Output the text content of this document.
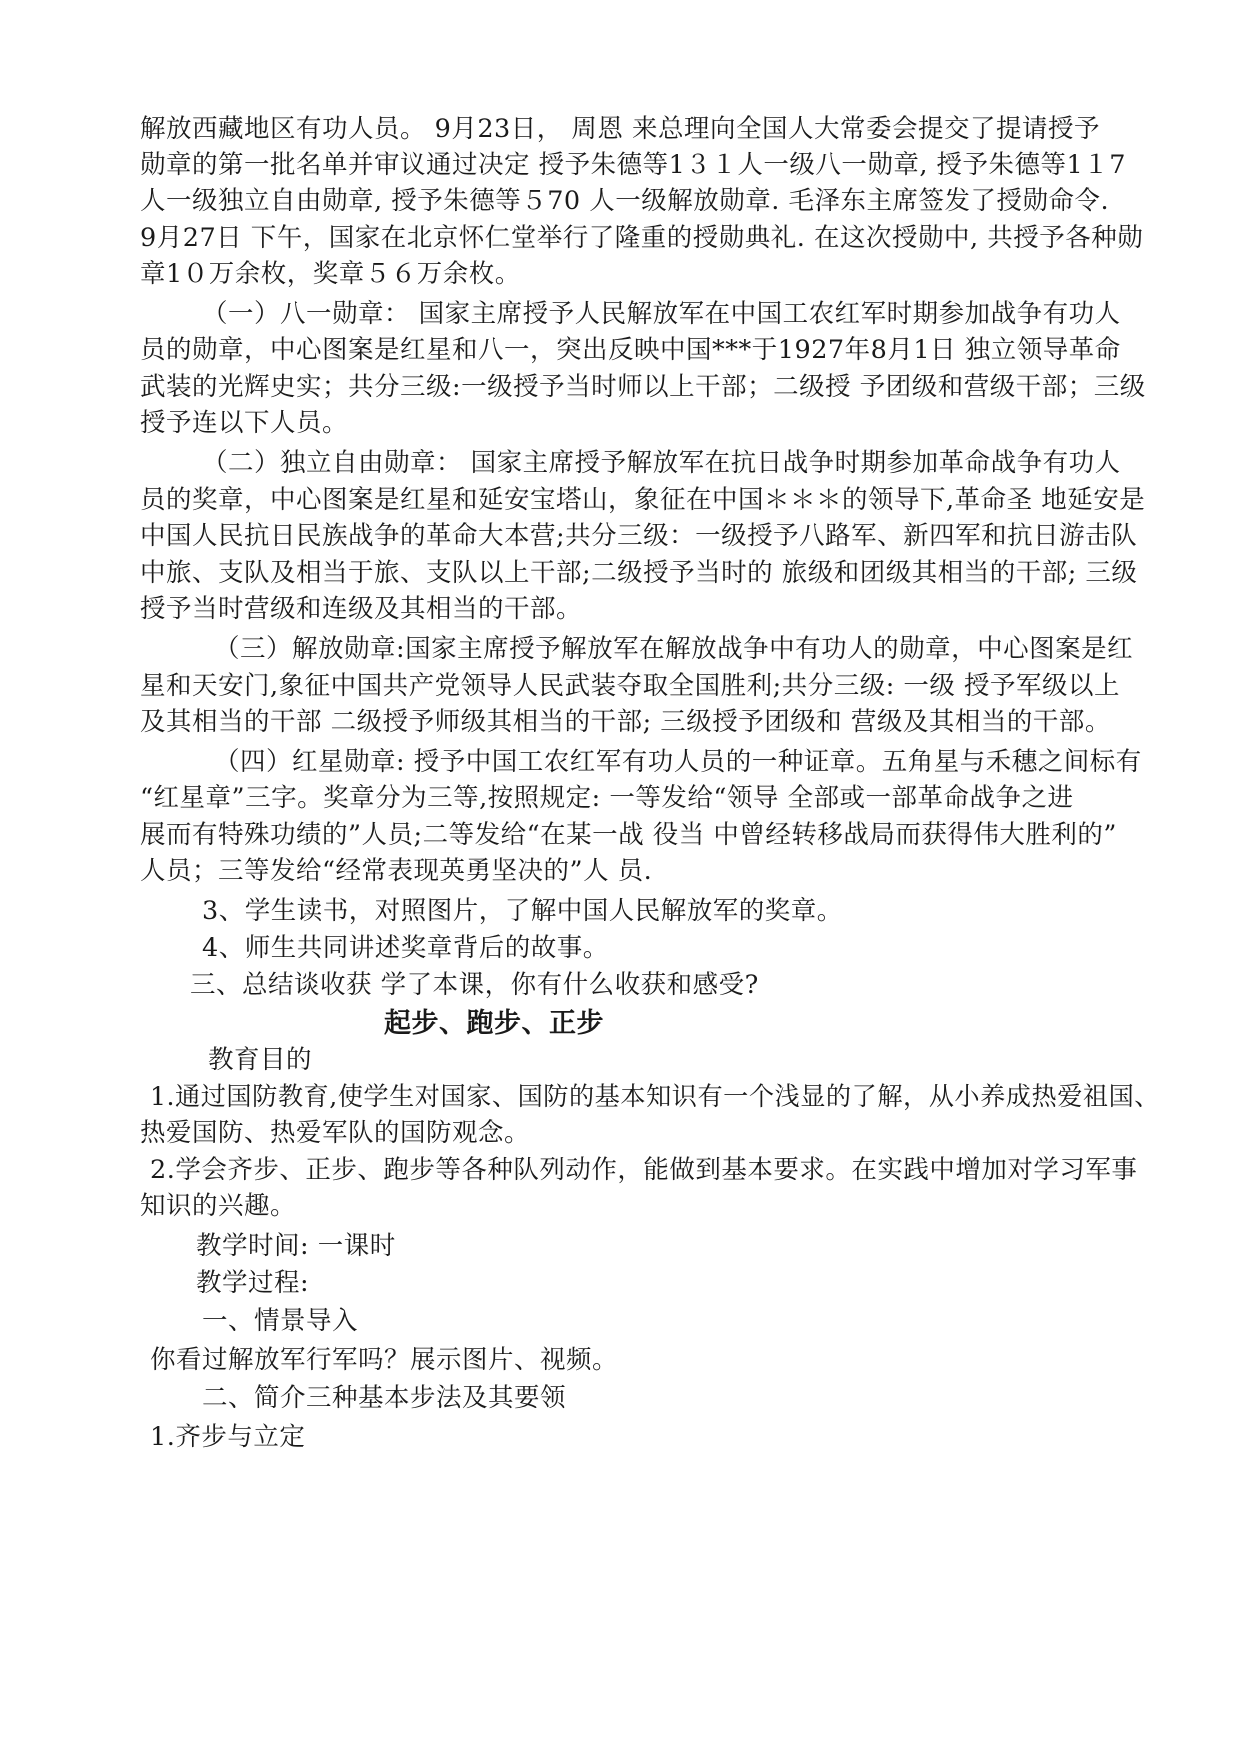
解放西藏地区有功人员。 9月23日， 周恩 来总理向全国人大常委会提交了提请授予
勋章的第一批名单并审议通过决定 授予朱德等1３１人一级八一勋章, 授予朱德等1１7
人一级独立自由勋章, 授予朱德等５70 人一级解放勋章. 毛泽东主席签发了授勋命令.
9月27日 下午，国家在北京怀仁堂举行了隆重的授勋典礼. 在这次授勋中, 共授予各种勋
章1０万余枚，奖章５６万余枚。
（一）八一勋章： 国家主席授予人民解放军在中国工农红军时期参加战争有功人
员的勋章，中心图案是红星和八一，突出反映中国***于1927年8月1日 独立领导革命
武装的光辉史实；共分三级:一级授予当时师以上干部；二级授 予团级和营级干部；三级
授予连以下人员。
（二）独立自由勋章： 国家主席授予解放军在抗日战争时期参加革命战争有功人
员的奖章，中心图案是红星和延安宝塔山，象征在中国＊＊＊的领导下,革命圣 地延安是
中国人民抗日民族战争的革命大本营;共分三级：一级授予八路军、新四军和抗日游击队
中旅、支队及相当于旅、支队以上干部;二级授予当时的 旅级和团级其相当的干部; 三级
授予当时营级和连级及其相当的干部。
（三）解放勋章:国家主席授予解放军在解放战争中有功人的勋章，中心图案是红
星和天安门,象征中国共产党领导人民武装夺取全国胜利;共分三级: 一级 授予军级以上
及其相当的干部 二级授予师级其相当的干部; 三级授予团级和 营级及其相当的干部。
（四）红星勋章: 授予中国工农红军有功人员的一种证章。五角星与禾穗之间标有
“红星章”三字。奖章分为三等,按照规定: 一等发给“领导 全部或一部革命战争之进
展而有特殊功绩的”人员;二等发给“在某一战 役当 中曾经转移战局而获得伟大胜利的”
人员；三等发给“经常表现英勇坚决的”人 员.
3、学生读书，对照图片，了解中国人民解放军的奖章。
4、师生共同讲述奖章背后的故事。
三、总结谈收获 学了本课，你有什么收获和感受?
起步、跑步、正步
教育目的
1.通过国防教育,使学生对国家、国防的基本知识有一个浅显的了解，从小养成热爱祖国、
热爱国防、热爱军队的国防观念。
2.学会齐步、正步、跑步等各种队列动作，能做到基本要求。在实践中增加对学习军事
知识的兴趣。
教学时间: 一课时
教学过程:
一、情景导入
你看过解放军行军吗？展示图片、视频。
二、简介三种基本步法及其要领
1.齐步与立定
